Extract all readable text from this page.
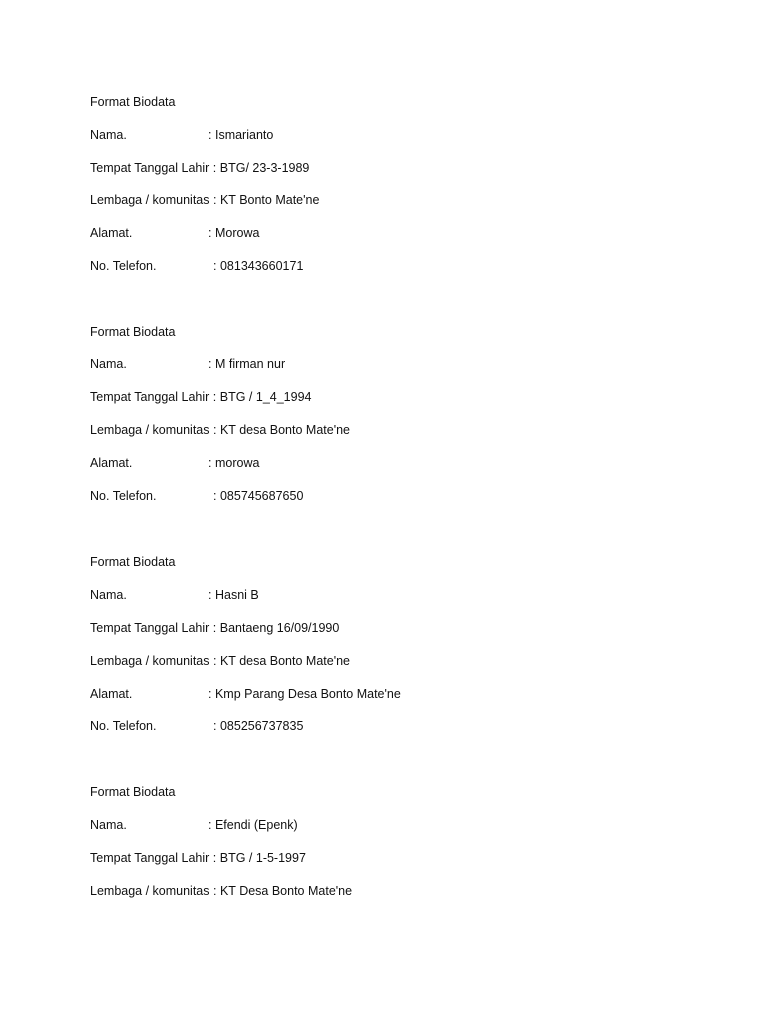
Format Biodata
Nama.	: Ismarianto
Tempat Tanggal Lahir : BTG/ 23-3-1989
Lembaga / komunitas : KT Bonto Mate'ne
Alamat.	: Morowa
No. Telefon.	: 081343660171
Format Biodata
Nama.	: M firman nur
Tempat Tanggal Lahir : BTG / 1_4_1994
Lembaga / komunitas : KT desa Bonto Mate'ne
Alamat.	: morowa
No. Telefon.	: 085745687650
Format Biodata
Nama.	: Hasni B
Tempat Tanggal Lahir : Bantaeng 16/09/1990
Lembaga / komunitas : KT desa Bonto Mate'ne
Alamat.	: Kmp Parang Desa Bonto Mate'ne
No. Telefon.	: 085256737835
Format Biodata
Nama.	: Efendi (Epenk)
Tempat Tanggal Lahir : BTG / 1-5-1997
Lembaga / komunitas : KT Desa Bonto Mate'ne
